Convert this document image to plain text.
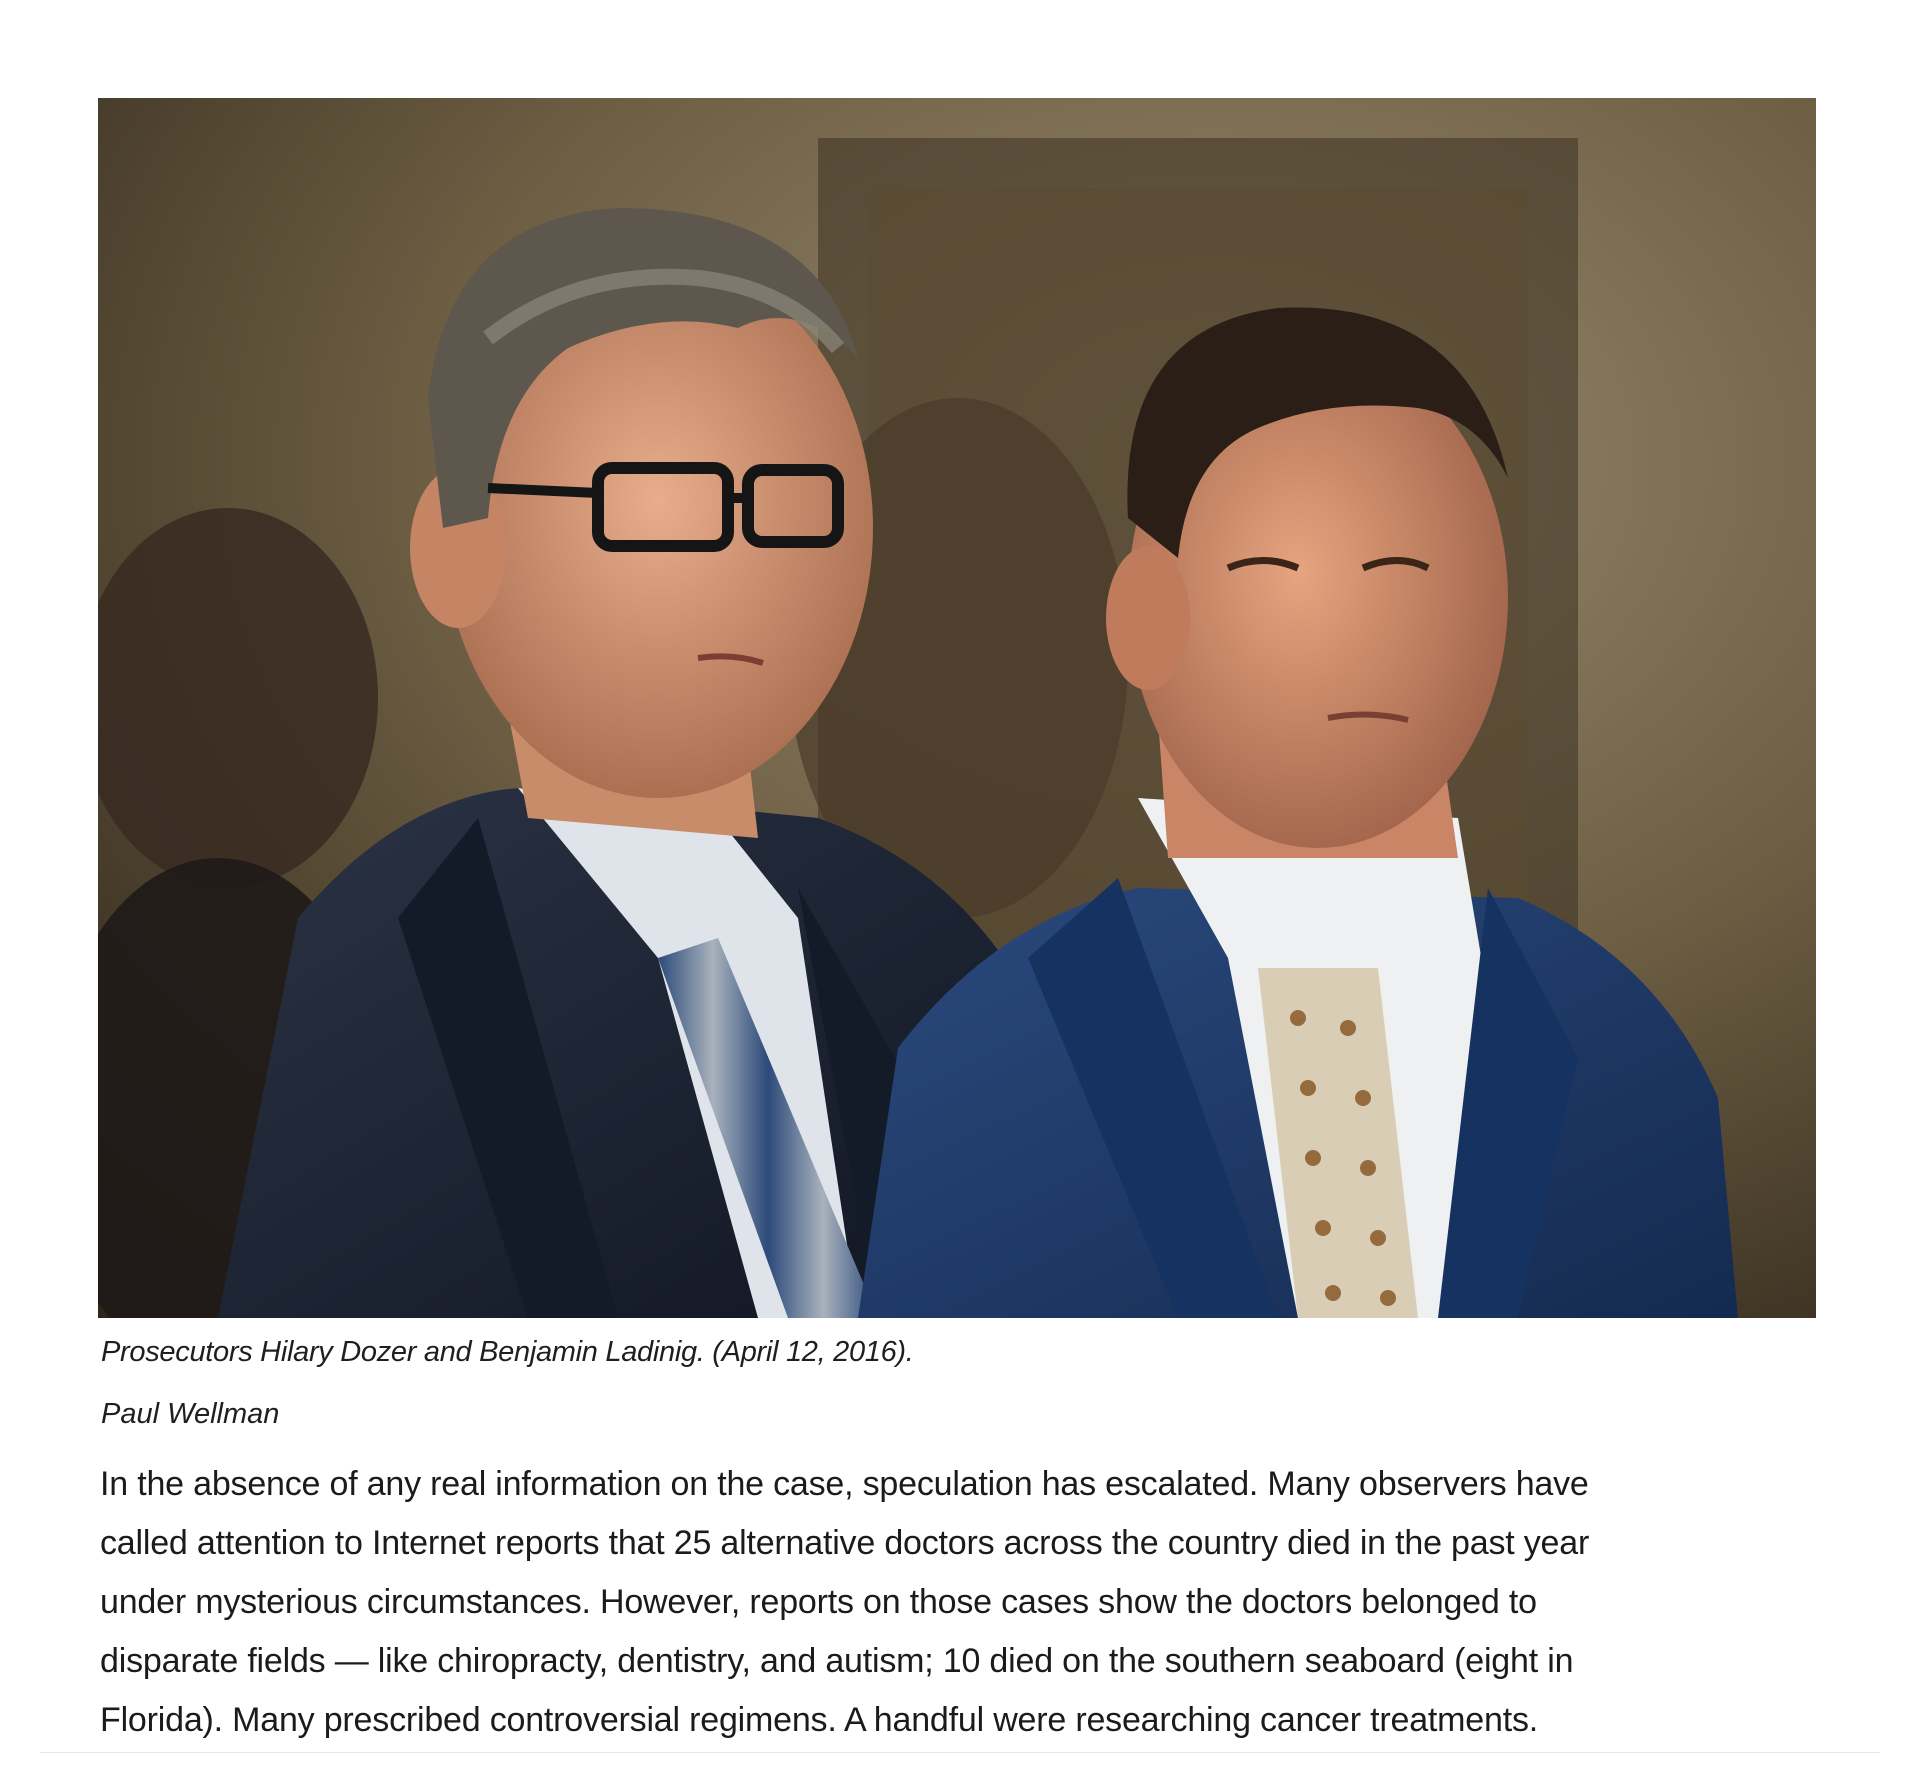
Prosecutors Hilary Dozer and Benjamin Ladinig. (April 12, 2016).
Paul Wellman

In the absence of any real information on the case, speculation has escalated. Many observers have
called attention to Internet reports that 25 alternative doctors across the country died in the past year
under mysterious circumstances. However, reports on those cases show the doctors belonged to
disparate fields — like chiropracty, dentistry, and autism; 10 died on the southern seaboard (eight in
Florida). Many prescribed controversial regimens. A handful were researching cancer treatments.
